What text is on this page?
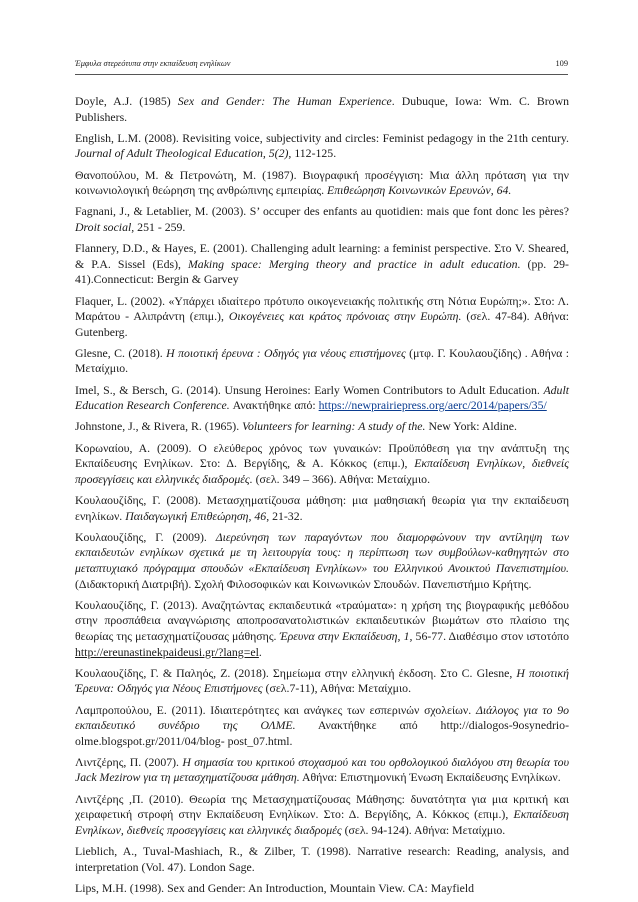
Έμφυλα στερεότυπα στην εκπαίδευση ενηλίκων	109

Doyle, A.J. (1985) Sex and Gender: The Human Experience. Dubuque, Iowa: Wm. C. Brown Publishers.

English, L.M. (2008). Revisiting voice, subjectivity and circles: Feminist pedagogy in the 21th century. Journal of Adult Theological Education, 5(2), 112-125.

Θανοπούλου, Μ. & Πετρονώτη, Μ. (1987). Βιογραφική προσέγγιση: Μια άλλη πρόταση για την κοινωνιολογική θεώρηση της ανθρώπινης εμπειρίας. Επιθεώρηση Κοινωνικών Ερευνών, 64.

Fagnani, J., & Letablier, M. (2003). S’ occuper des enfants au quotidien: mais que font donc les pères? Droit social, 251 - 259.

Flannery, D.D., & Hayes, E. (2001). Challenging adult learning: a feminist perspective. Στο V. Sheared, & P.A. Sissel (Eds), Making space: Merging theory and practice in adult education. (pp. 29-41).Connecticut: Bergin & Garvey

Flaquer, L. (2002). «Υπάρχει ιδιαίτερο πρότυπο οικογενειακής πολιτικής στη Νότια Ευρώπη;». Στο: Λ. Μαράτου - Αλιπράντη (επιμ.), Οικογένειες και κράτος πρόνοιας στην Ευρώπη. (σελ. 47-84). Αθήνα: Gutenberg.

Glesne, C. (2018). Η ποιοτική έρευνα : Οδηγός για νέους επιστήμονες (μτφ. Γ. Κουλαουζίδης) . Αθήνα : Μεταίχμιο.

Imel, S., & Bersch, G. (2014). Unsung Heroines: Early Women Contributors to Adult Education. Adult Education Research Conference. Ανακτήθηκε από: https://newprairiepress.org/aerc/2014/papers/35/

Johnstone, J., & Rivera, R. (1965). Volunteers for learning: A study of the. New York: Aldine.

Κορωναίου, Α. (2009). Ο ελεύθερος χρόνος των γυναικών: Προϋπόθεση για την ανάπτυξη της Εκπαίδευσης Ενηλίκων. Στο: Δ. Βεργίδης, & Α. Κόκκος (επιμ.), Εκπαίδευση Ενηλίκων, διεθνείς προσεγγίσεις και ελληνικές διαδρομές. (σελ. 349 – 366). Αθήνα: Μεταίχμιο.

Κουλαουζίδης, Γ. (2008). Μετασχηματίζουσα μάθηση: μια μαθησιακή θεωρία για την εκπαίδευση ενηλίκων. Παιδαγωγική Επιθεώρηση, 46, 21-32.

Κουλαουζίδης, Γ. (2009). Διερεύνηση των παραγόντων που διαμορφώνουν την αντίληψη των εκπαιδευτών ενηλίκων σχετικά με τη λειτουργία τους: η περίπτωση των συμβούλων-καθηγητών στο μεταπτυχιακό πρόγραμμα σπουδών «Εκπαίδευση Ενηλίκων» του Ελληνικού Ανοικτού Πανεπιστημίου. (Διδακτορική Διατριβή). Σχολή Φιλοσοφικών και Κοινωνικών Σπουδών. Πανεπιστήμιο Κρήτης.

Κουλαουζίδης, Γ. (2013). Αναζητώντας εκπαιδευτικά «τραύματα»: η χρήση της βιογραφικής μεθόδου στην προσπάθεια αναγνώρισης αποπροσανατολιστικών εκπαιδευτικών βιωμάτων στο πλαίσιο της θεωρίας της μετασχηματίζουσας μάθησης. Έρευνα στην Εκπαίδευση, 1, 56-77. Διαθέσιμο στον ιστοτόπο http://ereunastinekpaideusi.gr/?lang=el.

Κουλαουζίδης, Γ. & Παληός, Ζ. (2018). Σημείωμα στην ελληνική έκδοση. Στο C. Glesne, Η ποιοτική Έρευνα: Οδηγός για Νέους Επιστήμονες (σελ.7-11), Αθήνα: Μεταίχμιο.

Λαμπροπούλου, Ε. (2011). Ιδιαιτερότητες και ανάγκες των εσπερινών σχολείων. Διάλογος για το 9ο εκπαιδευτικό συνέδριο της ΟΛΜΕ. Ανακτήθηκε από http://dialogos-9osynedrio-olme.blogspot.gr/2011/04/blog- post_07.html.

Λιντζέρης, Π. (2007). Η σημασία του κριτικού στοχασμού και του ορθολογικού διαλόγου στη θεωρία του Jack Mezirow για τη μετασχηματίζουσα μάθηση. Αθήνα: Επιστημονική Ένωση Εκπαίδευσης Ενηλίκων.

Λιντζέρης ,Π. (2010). Θεωρία της Μετασχηματίζουσας Μάθησης: δυνατότητα για μια κριτική και χειραφετική στροφή στην Εκπαίδευση Ενηλίκων. Στο: Δ. Βεργίδης, Α. Κόκκος (επιμ.), Εκπαίδευση Ενηλίκων, διεθνείς προσεγγίσεις και ελληνικές διαδρομές (σελ. 94-124). Αθήνα: Μεταίχμιο.

Lieblich, A., Tuval-Mashiach, R., & Zilber, T. (1998). Narrative research: Reading, analysis, and interpretation (Vol. 47). London Sage.

Lips, M.H. (1998). Sex and Gender: An Introduction, Mountain View. CA: Mayfield
